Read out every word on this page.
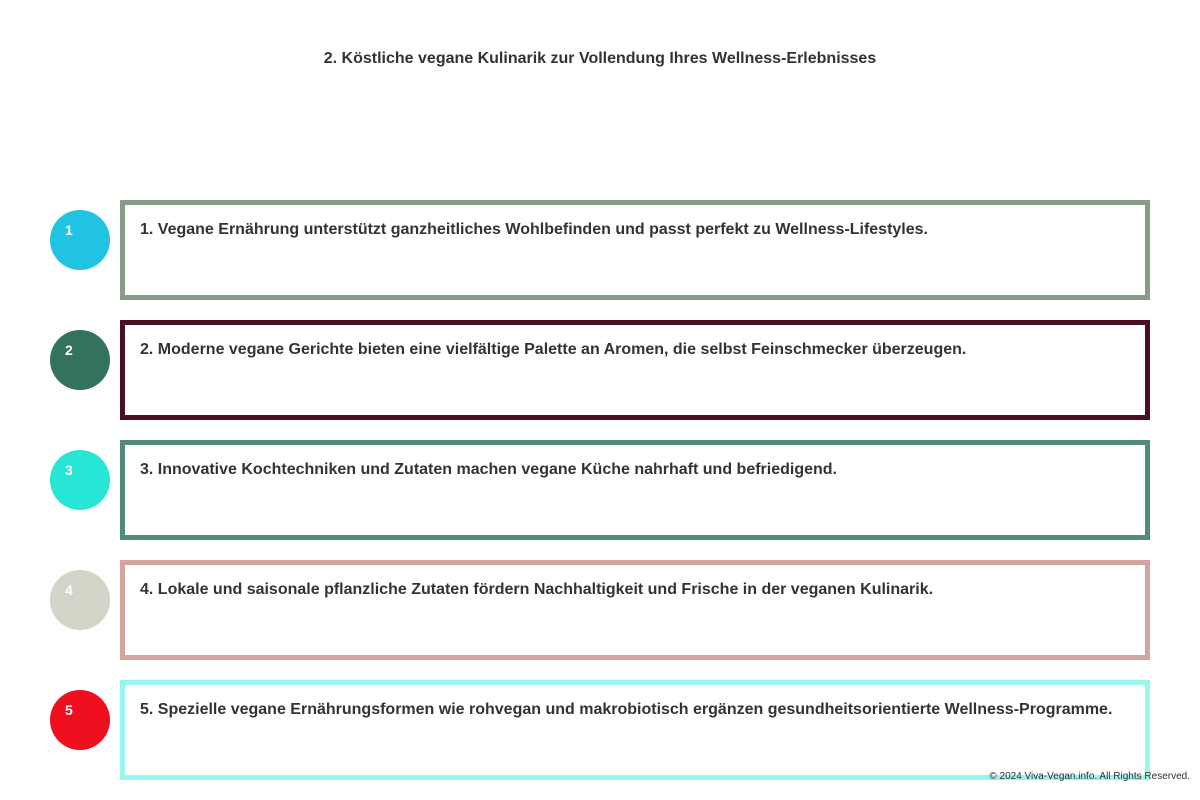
2. Köstliche vegane Kulinarik zur Vollendung Ihres Wellness-Erlebnisses
1	1. Vegane Ernährung unterstützt ganzheitliches Wohlbefinden und passt perfekt zu Wellness-Lifestyles.
2	2. Moderne vegane Gerichte bieten eine vielfältige Palette an Aromen, die selbst Feinschmecker überzeugen.
3	3. Innovative Kochtechniken und Zutaten machen vegane Küche nahrhaft und befriedigend.
4	4. Lokale und saisonale pflanzliche Zutaten fördern Nachhaltigkeit und Frische in der veganen Kulinarik.
5	5. Spezielle vegane Ernährungsformen wie rohvegan und makrobiotisch ergänzen gesundheitsorientierte Wellness-Programme.
© 2024 Viva-Vegan.info. All Rights Reserved.
